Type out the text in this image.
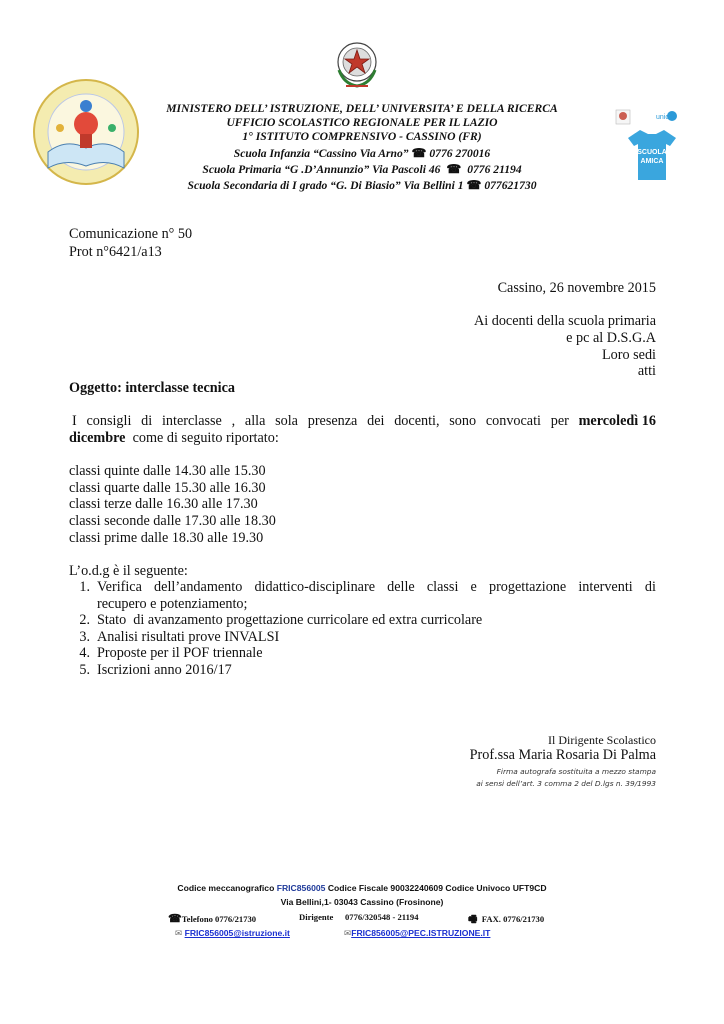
unicef
SCUOLA
AMICA
MINISTERO DELL’ ISTRUZIONE, DELL’ UNIVERSITA’ E DELLA RICERCA
UFFICIO SCOLASTICO REGIONALE PER IL LAZIO
1° ISTITUTO COMPRENSIVO - CASSINO (FR)
Scuola Infanzia “Cassino Via Arno” ☎ 0776 270016
Scuola Primaria “G .D’Annunzio” Via Pascoli 46  ☎  0776 21194
Scuola Secondaria di I grado “G. Di Biasio” Via Bellini 1 ☎ 077621730
Comunicazione n° 50
Prot n°6421/a13
Cassino, 26 novembre 2015
Ai docenti della scuola primaria
e pc al D.S.G.A
Loro sedi
atti
Oggetto: interclasse tecnica
I consigli di interclasse , alla sola presenza dei docenti, sono convocati per mercoledì 16
dicembre  come di seguito riportato:
classi quinte dalle 14.30 alle 15.30
classi quarte dalle 15.30 alle 16.30
classi terze dalle 16.30 alle 17.30
classi seconde dalle 17.30 alle 18.30
classi prime dalle 18.30 alle 19.30
L’o.d.g è il seguente:
1. Verifica dell’andamento didattico-disciplinare delle classi e progettazione interventi di
recupero e potenziamento;
2. Stato  di avanzamento progettazione curricolare ed extra curricolare
3. Analisi risultati prove INVALSI
4. Proposte per il POF triennale
5. Iscrizioni anno 2016/17
Il Dirigente Scolastico
Prof.ssa Maria Rosaria Di Palma
Firma autografa sostituita a mezzo stampa
ai sensi dell’art. 3 comma 2 del D.lgs n. 39/1993
Codice meccanografico FRIC856005 Codice Fiscale 90032240609 Codice Univoco UFT9CD
Via Bellini,1- 03043 Cassino (Frosinone)
☎Telefono 0776/21730	Dirigente 0776/320548 - 21194	🖷 FAX. 0776/21730
✉ FRIC856005@istruzione.it	✉FRIC856005@PEC.ISTRUZIONE.IT
